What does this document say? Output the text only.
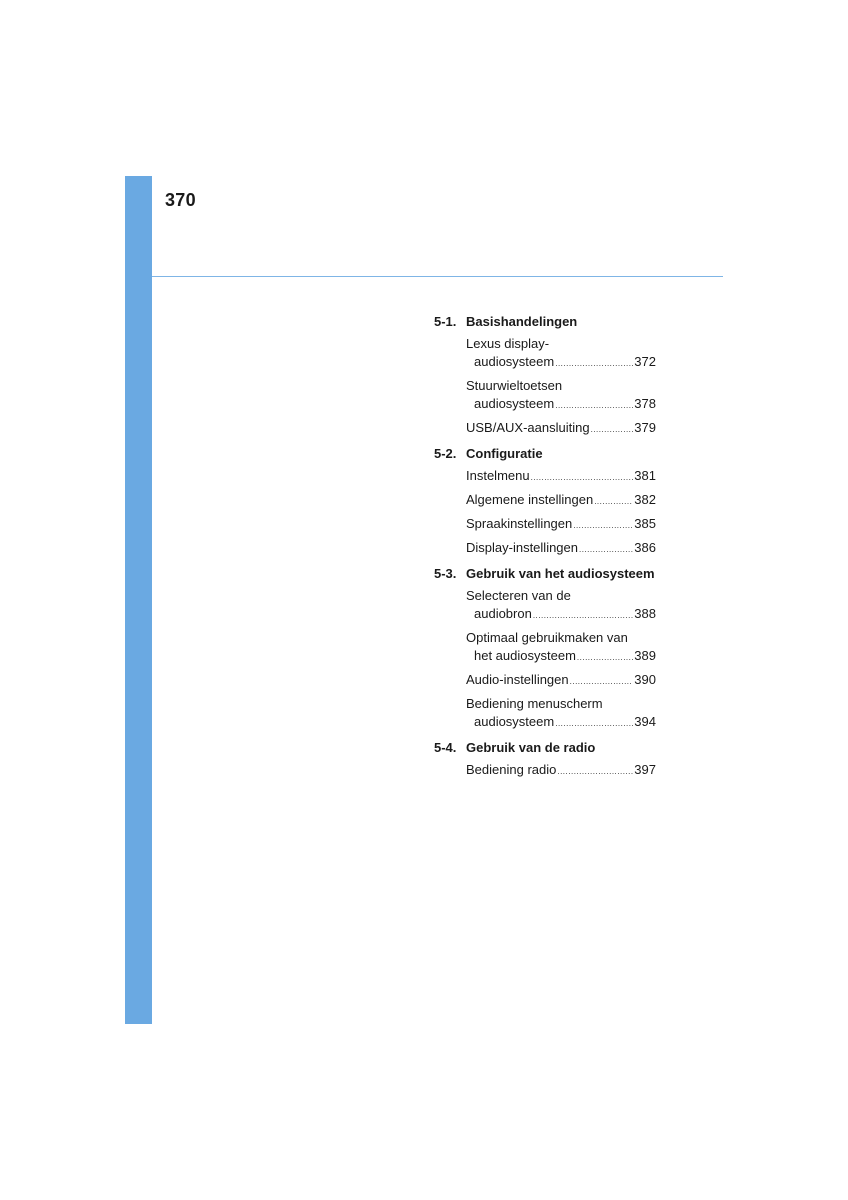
370
5-1. Basishandelingen
Lexus display-
audiosysteem .....	372
Stuurwieltoetsen
audiosysteem .....	378
USB/AUX-aansluiting .....	379
5-2. Configuratie
Instelmenu .....	381
Algemene instellingen .....	382
Spraakinstellingen .....	385
Display-instellingen .....	386
5-3. Gebruik van het audiosysteem
Selecteren van de
audiobron .....	388
Optimaal gebruikmaken van
het audiosysteem .....	389
Audio-instellingen .....	390
Bediening menuscherm
audiosysteem .....	394
5-4. Gebruik van de radio
Bediening radio .....	397
